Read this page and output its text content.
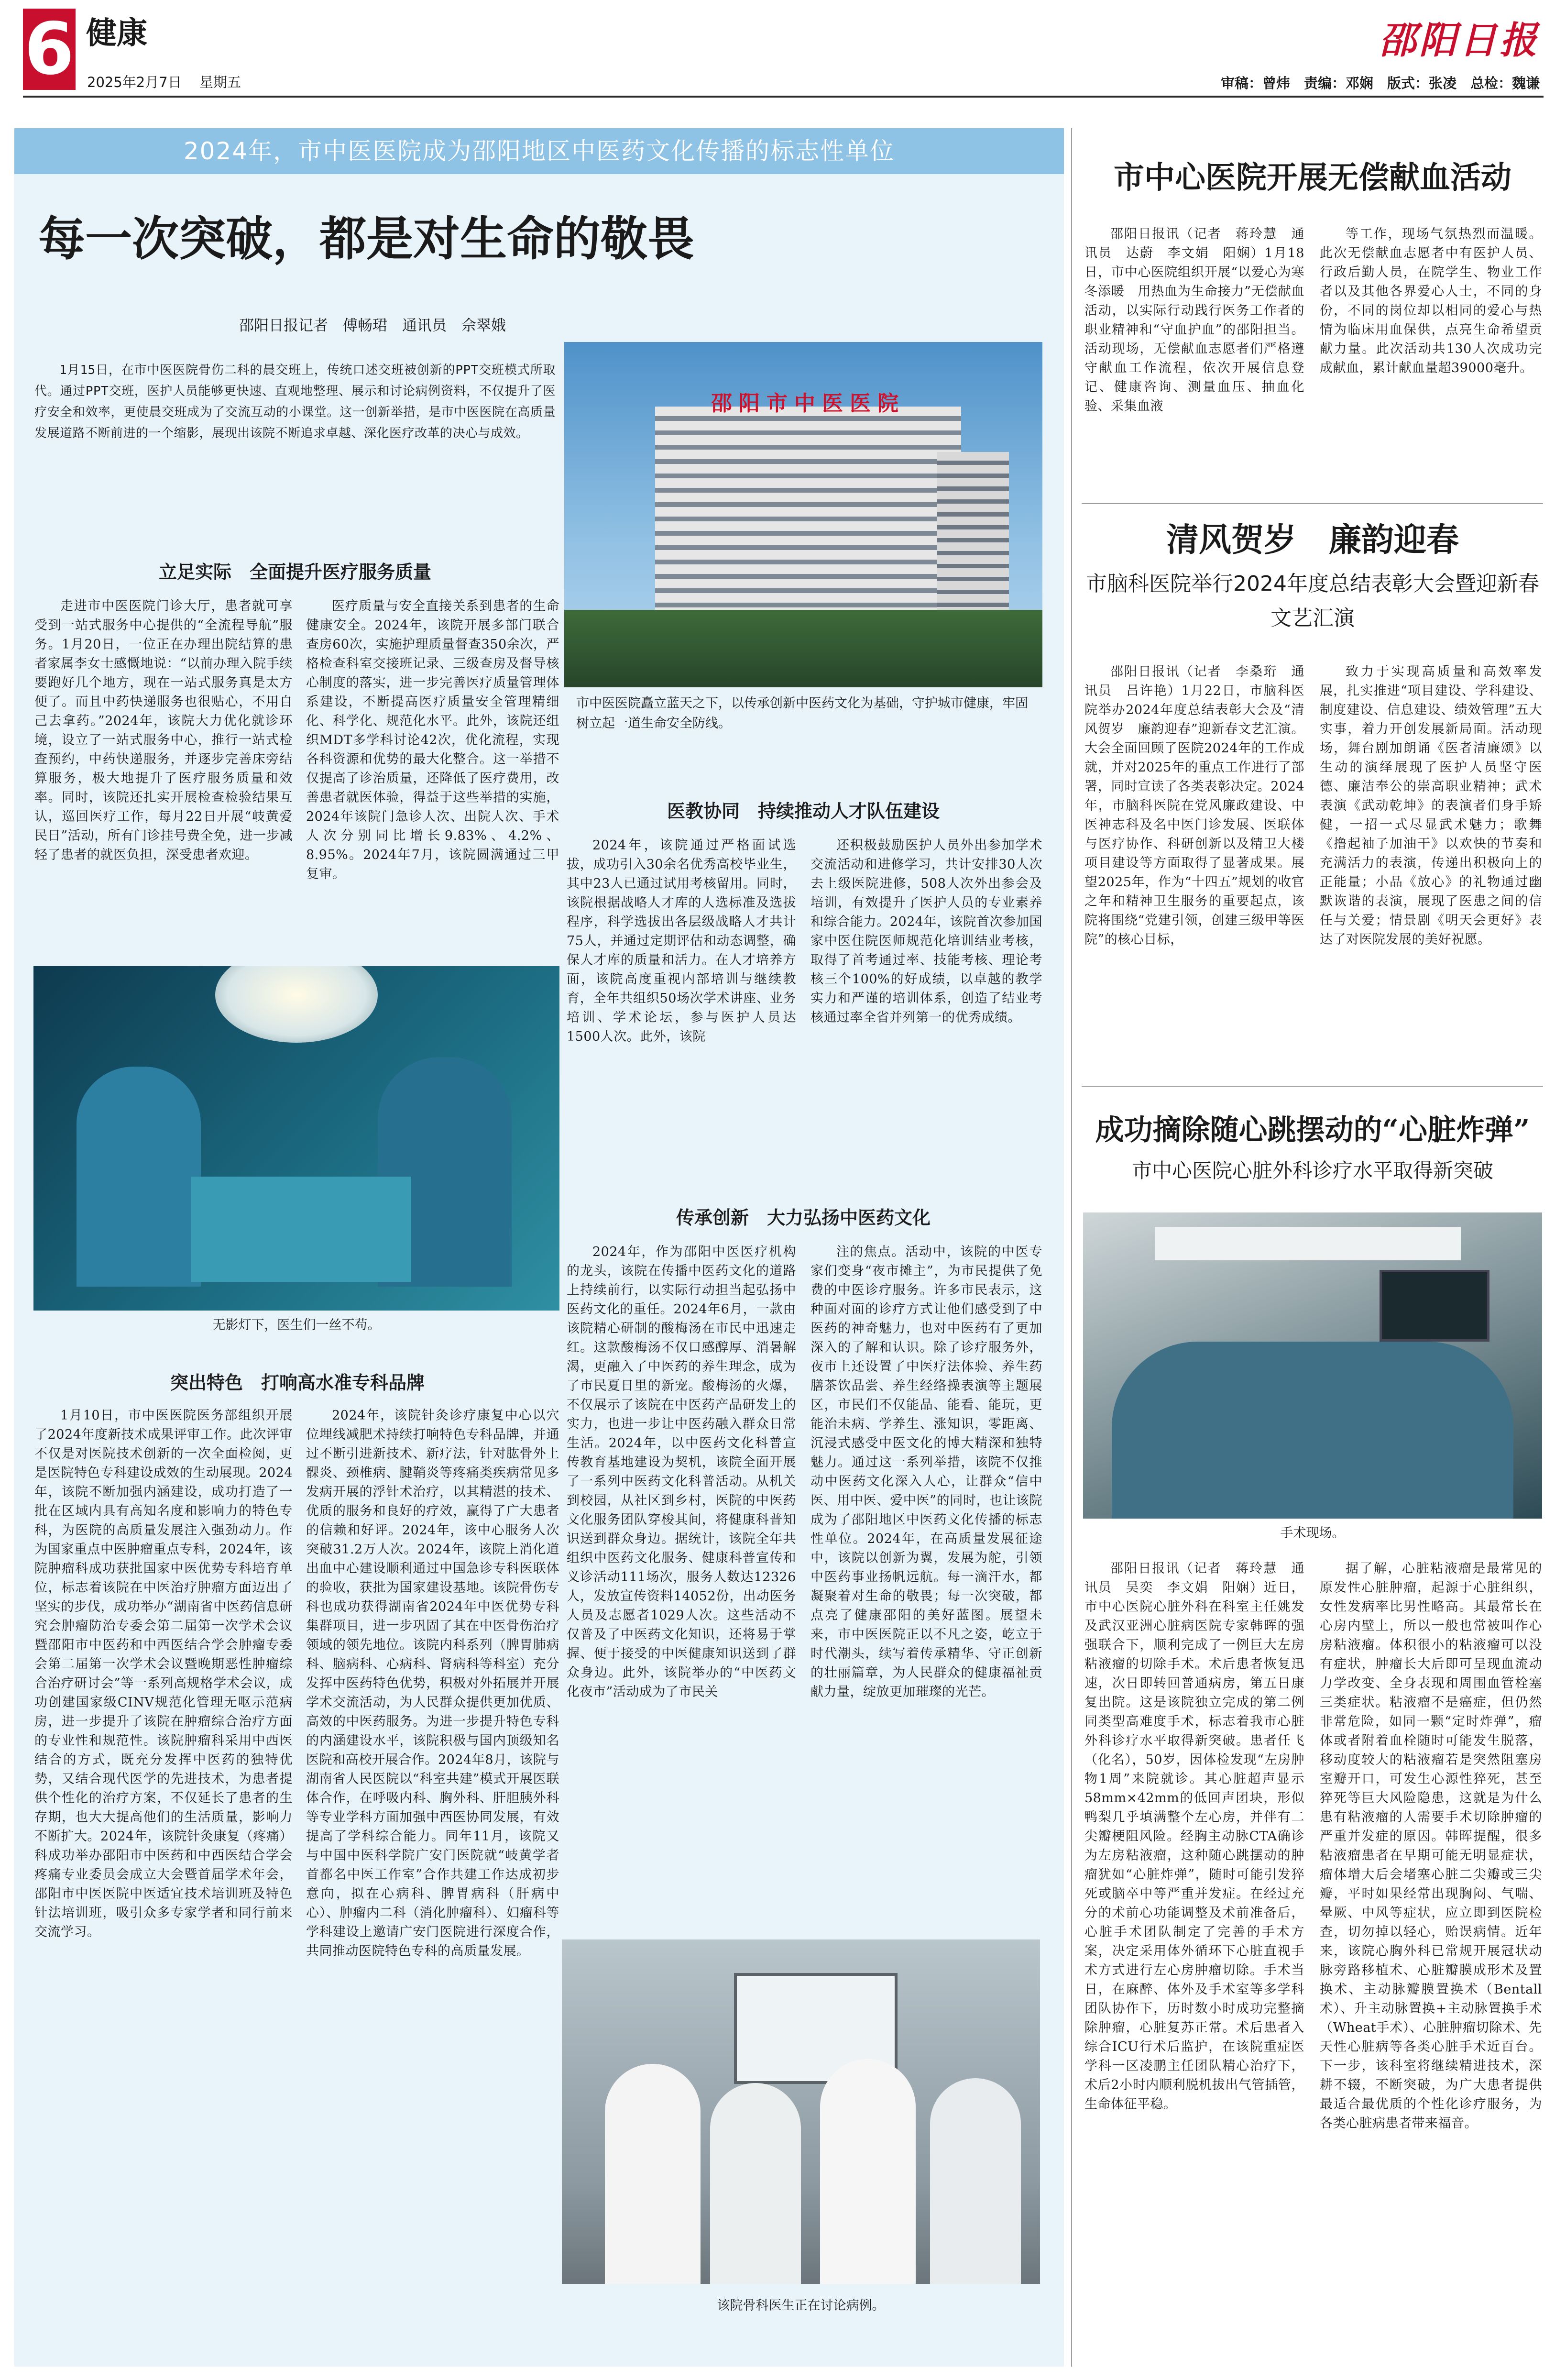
6 健康
2025年2月7日 星期五
邵阳日报
审稿：曾炜　责编：邓娴　版式：张凌　总检：魏谦
2024年，市中医医院成为邵阳地区中医药文化传播的标志性单位
每一次突破，都是对生命的敬畏
邵阳日报记者　傅畅珺　通讯员　佘翠娥
1月15日，在市中医医院骨伤二科的晨交班上，传统口述交班被创新的PPT交班模式所取代。通过PPT交班，医护人员能够更快速、直观地整理、展示和讨论病例资料，不仅提升了医疗安全和效率，更使晨交班成为了交流互动的小课堂。这一创新举措，是市中医医院在高质量发展道路不断前进的一个缩影，展现出该院不断追求卓越、深化医疗改革的决心与成效。
邵阳市中医医院
市中医医院矗立蓝天之下，以传承创新中医药文化为基础，守护城市健康，牢固树立起一道生命安全防线。
立足实际　全面提升医疗服务质量
走进市中医医院门诊大厅，患者就可享受到一站式服务中心提供的“全流程导航”服务。1月20日，一位正在办理出院结算的患者家属李女士感慨地说：“以前办理入院手续要跑好几个地方，现在一站式服务真是太方便了。而且中药快递服务也很贴心，不用自己去拿药。”2024年，该院大力优化就诊环境，设立了一站式服务中心，推行一站式检查预约，中药快递服务，并逐步完善床旁结算服务，极大地提升了医疗服务质量和效率。同时，该院还扎实开展检查检验结果互认，巡回医疗工作，每月22日开展“岐黄爱民日”活动，所有门诊挂号费全免，进一步减轻了患者的就医负担，深受患者欢迎。
医疗质量与安全直接关系到患者的生命健康安全。2024年，该院开展多部门联合查房60次，实施护理质量督查350余次，严格检查科室交接班记录、三级查房及督导核心制度的落实，进一步完善医疗质量管理体系建设，不断提高医疗质量安全管理精细化、科学化、规范化水平。此外，该院还组织MDT多学科讨论42次，优化流程，实现各科资源和优势的最大化整合。这一举措不仅提高了诊治质量，还降低了医疗费用，改善患者就医体验，得益于这些举措的实施，2024年该院门急诊人次、出院人次、手术人次分别同比增长9.83%、4.2%、8.95%。2024年7月，该院圆满通过三甲复审。
无影灯下，医生们一丝不苟。
医教协同　持续推动人才队伍建设
2024年，该院通过严格面试选拔，成功引入30余名优秀高校毕业生，其中23人已通过试用考核留用。同时，该院根据战略人才库的人选标准及选拔程序，科学选拔出各层级战略人才共计75人，并通过定期评估和动态调整，确保人才库的质量和活力。在人才培养方面，该院高度重视内部培训与继续教育，全年共组织50场次学术讲座、业务培训、学术论坛，参与医护人员达1500人次。此外，该院
还积极鼓励医护人员外出参加学术交流活动和进修学习，共计安排30人次去上级医院进修，508人次外出参会及培训，有效提升了医护人员的专业素养和综合能力。2024年，该院首次参加国家中医住院医师规范化培训结业考核，取得了首考通过率、技能考核、理论考核三个100%的好成绩，以卓越的教学实力和严谨的培训体系，创造了结业考核通过率全省并列第一的优秀成绩。
突出特色　打响高水准专科品牌
1月10日，市中医医院医务部组织开展了2024年度新技术成果评审工作。此次评审不仅是对医院技术创新的一次全面检阅，更是医院特色专科建设成效的生动展现。2024年，该院不断加强内涵建设，成功打造了一批在区域内具有高知名度和影响力的特色专科，为医院的高质量发展注入强劲动力。作为国家重点中医肿瘤重点专科，2024年，该院肿瘤科成功获批国家中医优势专科培育单位，标志着该院在中医治疗肿瘤方面迈出了坚实的步伐，成功举办“湖南省中医药信息研究会肿瘤防治专委会第二届第一次学术会议暨邵阳市中医药和中西医结合学会肿瘤专委会第二届第一次学术会议暨晚期恶性肿瘤综合治疗研讨会”等一系列高规格学术会议，成功创建国家级CINV规范化管理无呕示范病房，进一步提升了该院在肿瘤综合治疗方面的专业性和规范性。该院肿瘤科采用中西医结合的方式，既充分发挥中医药的独特优势，又结合现代医学的先进技术，为患者提供个性化的治疗方案，不仅延长了患者的生存期，也大大提高他们的生活质量，影响力不断扩大。2024年，该院针灸康复（疼痛）科成功举办邵阳市中医药和中西医结合学会疼痛专业委员会成立大会暨首届学术年会，邵阳市中医医院中医适宜技术培训班及特色针法培训班，吸引众多专家学者和同行前来交流学习。
2024年，该院针灸诊疗康复中心以穴位埋线减肥术持续打响特色专科品牌，并通过不断引进新技术、新疗法，针对肱骨外上髁炎、颈椎病、腱鞘炎等疼痛类疾病常见多发病开展的浮针术治疗，以其精湛的技术、优质的服务和良好的疗效，赢得了广大患者的信赖和好评。2024年，该中心服务人次突破31.2万人次。2024年，该院上消化道出血中心建设顺利通过中国急诊专科医联体的验收，获批为国家建设基地。该院骨伤专科也成功获得湖南省2024年中医优势专科集群项目，进一步巩固了其在中医骨伤治疗领域的领先地位。该院内科系列（脾胃肺病科、脑病科、心病科、肾病科等科室）充分发挥中医药特色优势，积极对外拓展并开展学术交流活动，为人民群众提供更加优质、高效的中医药服务。为进一步提升特色专科的内涵建设水平，该院积极与国内顶级知名医院和高校开展合作。2024年8月，该院与湖南省人民医院以“科室共建”模式开展医联体合作，在呼吸内科、胸外科、肝胆胰外科等专业学科方面加强中西医协同发展，有效提高了学科综合能力。同年11月，该院又与中国中医科学院广安门医院就“岐黄学者首都名中医工作室”合作共建工作达成初步意向，拟在心病科、脾胃病科（肝病中心）、肿瘤内二科（消化肿瘤科）、妇瘤科等学科建设上邀请广安门医院进行深度合作，共同推动医院特色专科的高质量发展。
传承创新　大力弘扬中医药文化
2024年，作为邵阳中医医疗机构的龙头，该院在传播中医药文化的道路上持续前行，以实际行动担当起弘扬中医药文化的重任。2024年6月，一款由该院精心研制的酸梅汤在市民中迅速走红。这款酸梅汤不仅口感醇厚、消暑解渴，更融入了中医药的养生理念，成为了市民夏日里的新宠。酸梅汤的火爆，不仅展示了该院在中医药产品研发上的实力，也进一步让中医药融入群众日常生活。2024年，以中医药文化科普宣传教育基地建设为契机，该院全面开展了一系列中医药文化科普活动。从机关到校园，从社区到乡村，医院的中医药文化服务团队穿梭其间，将健康科普知识送到群众身边。据统计，该院全年共组织中医药文化服务、健康科普宣传和义诊活动111场次，服务人数达12326人，发放宣传资料14052份，出动医务人员及志愿者1029人次。这些活动不仅普及了中医药文化知识，还将易于掌握、便于接受的中医健康知识送到了群众身边。此外，该院举办的“中医药文化夜市”活动成为了市民关
注的焦点。活动中，该院的中医专家们变身“夜市摊主”，为市民提供了免费的中医诊疗服务。许多市民表示，这种面对面的诊疗方式让他们感受到了中医药的神奇魅力，也对中医药有了更加深入的了解和认识。除了诊疗服务外，夜市上还设置了中医疗法体验、养生药膳茶饮品尝、养生经络操表演等主题展区，市民们不仅能品、能看、能玩，更能治未病、学养生、涨知识，零距离、沉浸式感受中医文化的博大精深和独特魅力。通过这一系列举措，该院不仅推动中医药文化深入人心，让群众“信中医、用中医、爱中医”的同时，也让该院成为了邵阳地区中医药文化传播的标志性单位。2024年，在高质量发展征途中，该院以创新为翼，发展为舵，引领中医药事业扬帆远航。每一滴汗水，都凝聚着对生命的敬畏；每一次突破，都点亮了健康邵阳的美好蓝图。展望未来，市中医医院正以不凡之姿，屹立于时代潮头，续写着传承精华、守正创新的壮丽篇章，为人民群众的健康福祉贡献力量，绽放更加璀璨的光芒。
该院骨科医生正在讨论病例。
市中心医院开展无偿献血活动
邵阳日报讯（记者　蒋玲慧　通讯员　达蔚　李文娟　阳娴）1月18日，市中心医院组织开展“以爱心为寒冬添暖　用热血为生命接力”无偿献血活动，以实际行动践行医务工作者的职业精神和“守血护血”的邵阳担当。活动现场，无偿献血志愿者们严格遵守献血工作流程，依次开展信息登记、健康咨询、测量血压、抽血化验、采集血液
等工作，现场气氛热烈而温暖。此次无偿献血志愿者中有医护人员、行政后勤人员，在院学生、物业工作者以及其他各界爱心人士，不同的身份，不同的岗位却以相同的爱心与热情为临床用血保供，点亮生命希望贡献力量。此次活动共130人次成功完成献血，累计献血量超39000毫升。
清风贺岁　廉韵迎春
市脑科医院举行2024年度总结表彰大会暨迎新春文艺汇演
邵阳日报讯（记者　李桑珩　通讯员　吕许艳）1月22日，市脑科医院举办2024年度总结表彰大会及“清风贺岁　廉韵迎春”迎新春文艺汇演。大会全面回顾了医院2024年的工作成就，并对2025年的重点工作进行了部署，同时宣读了各类表彰决定。2024年，市脑科医院在党风廉政建设、中医神志科及名中医门诊发展、医联体与医疗协作、科研创新以及精卫大楼项目建设等方面取得了显著成果。展望2025年，作为“十四五”规划的收官之年和精神卫生服务的重要起点，该院将围绕“党建引领，创建三级甲等医院”的核心目标，
致力于实现高质量和高效率发展，扎实推进“项目建设、学科建设、制度建设、信息建设、绩效管理”五大实事，着力开创发展新局面。活动现场，舞台剧加朗诵《医者清廉颂》以生动的演绎展现了医护人员坚守医德、廉洁奉公的崇高职业精神；武术表演《武动乾坤》的表演者们身手矫健，一招一式尽显武术魅力；歌舞《撸起袖子加油干》以欢快的节奏和充满活力的表演，传递出积极向上的正能量；小品《放心》的礼物通过幽默诙谐的表演，展现了医患之间的信任与关爱；情景剧《明天会更好》表达了对医院发展的美好祝愿。
成功摘除随心跳摆动的“心脏炸弹”
市中心医院心脏外科诊疗水平取得新突破
手术现场。
邵阳日报讯（记者　蒋玲慧　通讯员　吴奕　李文娟　阳娴）近日，市中心医院心脏外科在科室主任姚发及武汉亚洲心脏病医院专家韩晖的强强联合下，顺利完成了一例巨大左房粘液瘤的切除手术。术后患者恢复迅速，次日即转回普通病房，第五日康复出院。这是该院独立完成的第二例同类型高难度手术，标志着我市心脏外科诊疗水平取得新突破。患者任飞（化名），50岁，因体检发现“左房肿物1周”来院就诊。其心脏超声显示58mm×42mm的低回声团块，形似鸭梨几乎填满整个左心房，并伴有二尖瓣梗阻风险。经胸主动脉CTA确诊为左房粘液瘤，这种随心跳摆动的肿瘤犹如“心脏炸弹”，随时可能引发猝死或脑卒中等严重并发症。在经过充分的术前心功能调整及术前准备后，心脏手术团队制定了完善的手术方案，决定采用体外循环下心脏直视手术方式进行左心房肿瘤切除。手术当日，在麻醉、体外及手术室等多学科团队协作下，历时数小时成功完整摘除肿瘤，心脏复苏正常。术后患者入综合ICU行术后监护，在该院重症医学科一区凌鹏主任团队精心治疗下，术后2小时内顺利脱机拔出气管插管，生命体征平稳。
据了解，心脏粘液瘤是最常见的原发性心脏肿瘤，起源于心脏组织，女性发病率比男性略高。其最常长在心房内壁上，所以一般也常被叫作心房粘液瘤。体积很小的粘液瘤可以没有症状，肿瘤长大后即可呈现血流动力学改变、全身表现和周围血管栓塞三类症状。粘液瘤不是癌症，但仍然非常危险，如同一颗“定时炸弹”，瘤体或者附着血栓随时可能发生脱落，移动度较大的粘液瘤若是突然阻塞房室瓣开口，可发生心源性猝死，甚至猝死等巨大风险隐患，这就是为什么患有粘液瘤的人需要手术切除肿瘤的严重并发症的原因。韩晖提醒，很多粘液瘤患者在早期可能无明显症状，瘤体增大后会堵塞心脏二尖瓣或三尖瓣，平时如果经常出现胸闷、气喘、晕厥、中风等症状，应立即到医院检查，切勿掉以轻心，贻误病情。近年来，该院心胸外科已常规开展冠状动脉旁路移植术、心脏瓣膜成形术及置换术、主动脉瓣膜置换术（Bentall术）、升主动脉置换+主动脉置换手术（Wheat手术）、心脏肿瘤切除术、先天性心脏病等各类心脏手术近百台。下一步，该科室将继续精进技术，深耕不辍，不断突破，为广大患者提供最适合最优质的个性化诊疗服务，为各类心脏病患者带来福音。
